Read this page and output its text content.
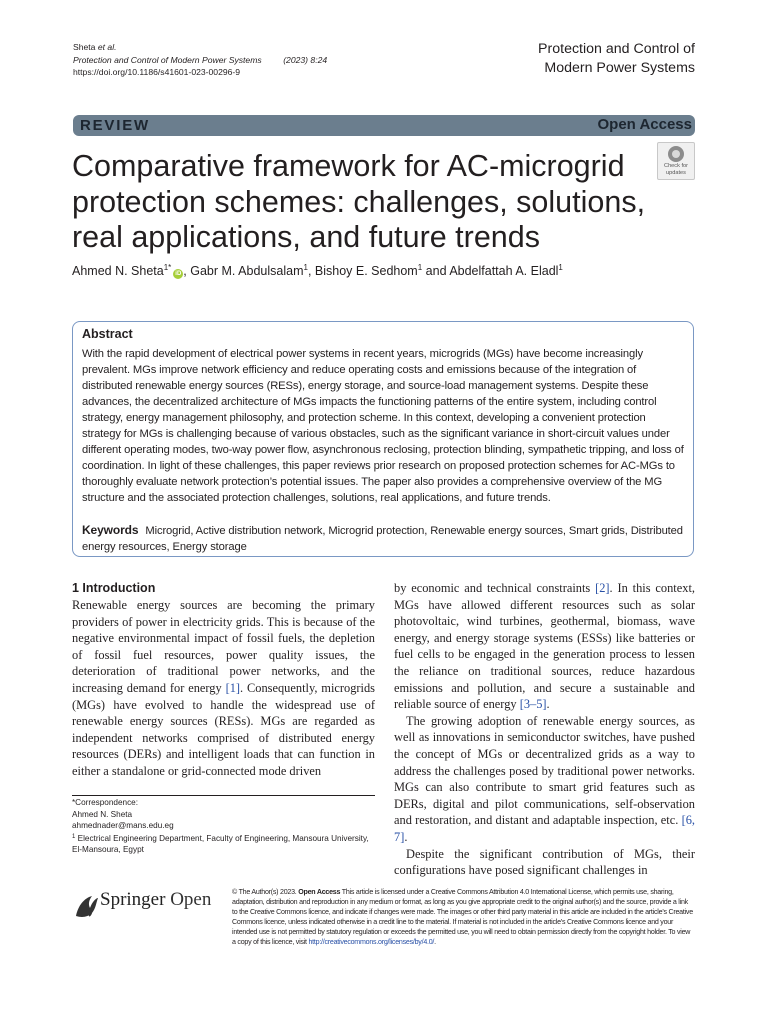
Sheta et al.
Protection and Control of Modern Power Systems	(2023) 8:24
https://doi.org/10.1186/s41601-023-00296-9
Protection and Control of
Modern Power Systems
REVIEW	Open Access
Comparative framework for AC-microgrid protection schemes: challenges, solutions, real applications, and future trends
Check for
updates
Ahmed N. Sheta$^{1*}$iD , Gabr M. Abdulsalam$^1$, Bishoy E. Sedhom$^1$ and Abdelfattah A. Eladl$^1$
Abstract
With the rapid development of electrical power systems in recent years, microgrids (MGs) have become increasingly prevalent. MGs improve network efficiency and reduce operating costs and emissions because of the integration of distributed renewable energy sources (RESs), energy storage, and source-load management systems. Despite these advances, the decentralized architecture of MGs impacts the functioning patterns of the entire system, including control strategy, energy management philosophy, and protection scheme. In this context, developing a convenient protection strategy for MGs is challenging because of various obstacles, such as the significant variance in short-circuit values under different operating modes, two-way power flow, asynchronous reclosing, protection blinding, sympathetic tripping, and loss of coordination. In light of these challenges, this paper reviews prior research on proposed protection schemes for AC-MGs to thoroughly evaluate network protection’s potential issues. The paper also provides a comprehensive overview of the MG structure and the associated protection challenges, solutions, real applications, and future trends.
Keywords Microgrid, Active distribution network, Microgrid protection, Renewable energy sources, Smart grids, Distributed energy resources, Energy storage
1 Introduction

Renewable energy sources are becoming the primary providers of power in electricity grids. This is because of the negative environmental impact of fossil fuels, the depletion of fossil fuel resources, power quality issues, the deterioration of traditional power networks, and the increasing demand for energy [1]. Consequently, microgrids (MGs) have evolved to handle the widespread use of renewable energy sources (RESs). MGs are regarded as independent networks comprised of distributed energy resources (DERs) and intelligent loads that can function in either a standalone or grid-connected mode driven

by economic and technical constraints [2]. In this context, MGs have allowed different resources such as solar photovoltaic, wind turbines, geothermal, biomass, wave energy, and energy storage systems (ESSs) like batteries or fuel cells to be engaged in the generation process to lessen the reliance on traditional sources, reduce hazardous emissions and pollution, and secure a sustainable and reliable source of energy [3–5].

The growing adoption of renewable energy sources, as well as innovations in semiconductor switches, have pushed the concept of MGs or decentralized grids as a way to address the challenges posed by traditional power networks. MGs can also contribute to smart grid features such as DERs, digital and pilot communications, self-observation and restoration, and distant and adaptable inspection, etc. [6, 7].

Despite the significant contribution of MGs, their configurations have posed significant challenges in

*Correspondence:
Ahmed N. Sheta
ahmednader@mans.edu.eg
$^1$ Electrical Engineering Department, Faculty of Engineering, Mansoura University, El-Mansoura, Egypt
Springer Open	© The Author(s) 2023. Open Access This article is licensed under a Creative Commons Attribution 4.0 International License, which permits use, sharing, adaptation, distribution and reproduction in any medium or format, as long as you give appropriate credit to the original author(s) and the source, provide a link to the Creative Commons licence, and indicate if changes were made. The images or other third party material in this article are included in the article’s Creative Commons licence, unless indicated otherwise in a credit line to the material. If material is not included in the article’s Creative Commons licence and your intended use is not permitted by statutory regulation or exceeds the permitted use, you will need to obtain permission directly from the copyright holder. To view a copy of this licence, visit http://creativecommons.org/licenses/by/4.0/.
